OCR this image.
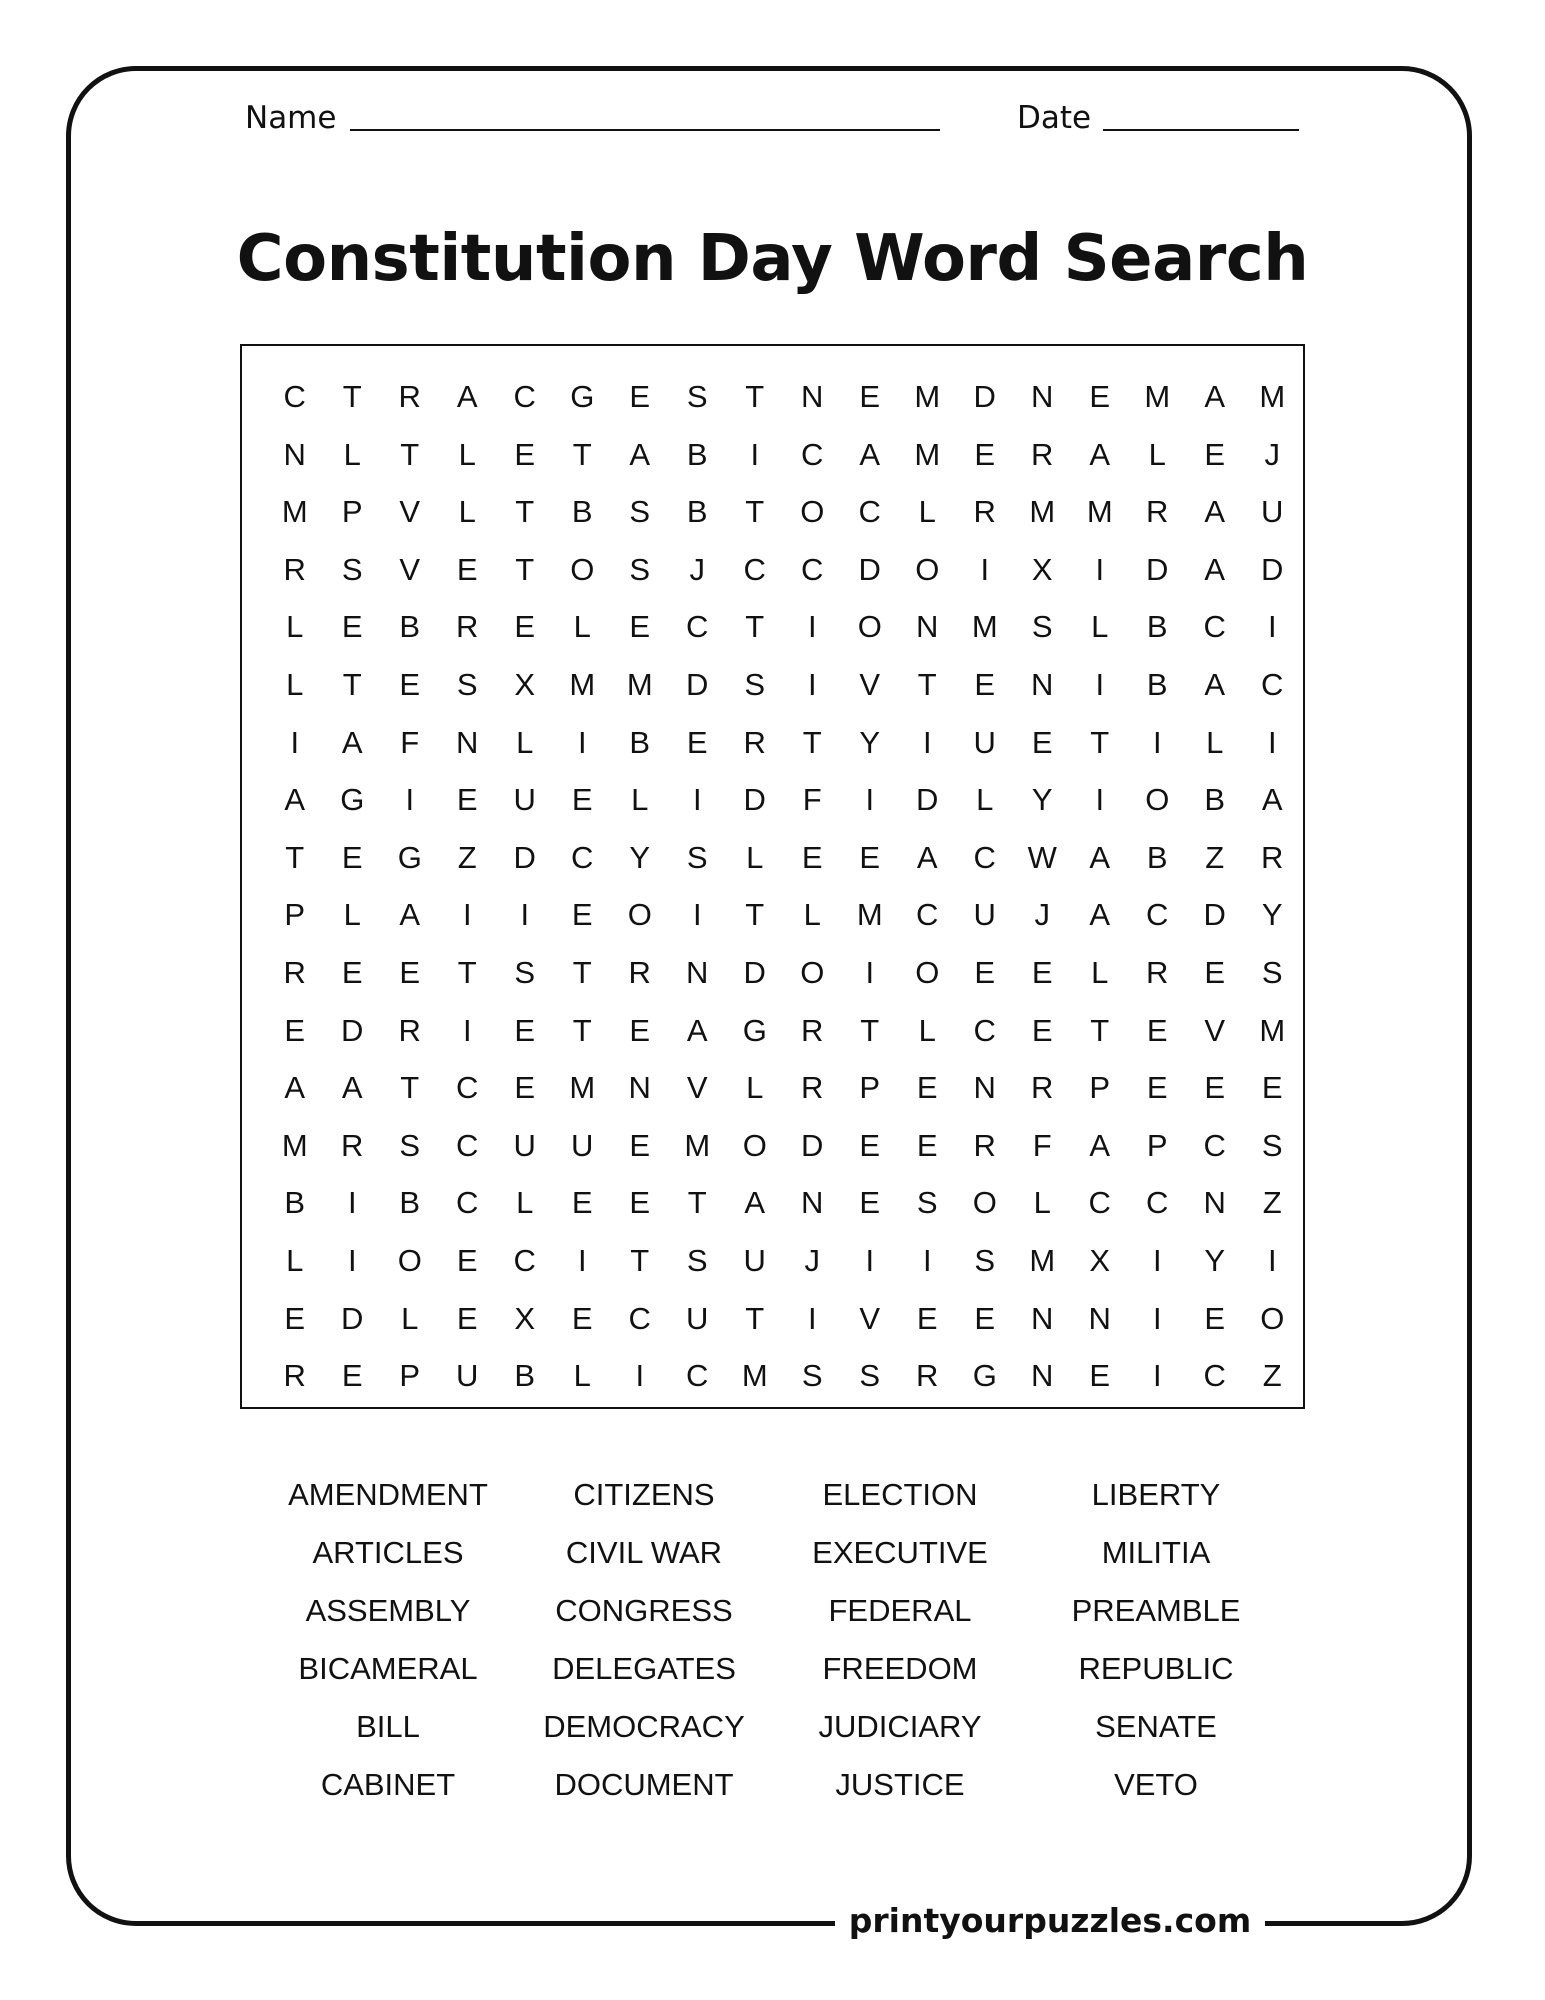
Name	Date
Constitution Day Word Search
C	T	R	A	C	G	E	S	T	N	E	M	D	N	E	M	A	M
N	L	T	L	E	T	A	B	I	C	A	M	E	R	A	L	E	J
M	P	V	L	T	B	S	B	T	O	C	L	R	M	M	R	A	U
R	S	V	E	T	O	S	J	C	C	D	O	I	X	I	D	A	D
L	E	B	R	E	L	E	C	T	I	O	N	M	S	L	B	C	I
L	T	E	S	X	M	M	D	S	I	V	T	E	N	I	B	A	C
I	A	F	N	L	I	B	E	R	T	Y	I	U	E	T	I	L	I
A	G	I	E	U	E	L	I	D	F	I	D	L	Y	I	O	B	A
T	E	G	Z	D	C	Y	S	L	E	E	A	C	W	A	B	Z	R
P	L	A	I	I	E	O	I	T	L	M	C	U	J	A	C	D	Y
R	E	E	T	S	T	R	N	D	O	I	O	E	E	L	R	E	S
E	D	R	I	E	T	E	A	G	R	T	L	C	E	T	E	V	M
A	A	T	C	E	M	N	V	L	R	P	E	N	R	P	E	E	E
M	R	S	C	U	U	E	M	O	D	E	E	R	F	A	P	C	S
B	I	B	C	L	E	E	T	A	N	E	S	O	L	C	C	N	Z
L	I	O	E	C	I	T	S	U	J	I	I	S	M	X	I	Y	I
E	D	L	E	X	E	C	U	T	I	V	E	E	N	N	I	E	O
R	E	P	U	B	L	I	C	M	S	S	R	G	N	E	I	C	Z
AMENDMENT	CITIZENS	ELECTION	LIBERTY
ARTICLES	CIVIL WAR	EXECUTIVE	MILITIA
ASSEMBLY	CONGRESS	FEDERAL	PREAMBLE
BICAMERAL	DELEGATES	FREEDOM	REPUBLIC
BILL	DEMOCRACY	JUDICIARY	SENATE
CABINET	DOCUMENT	JUSTICE	VETO
printyourpuzzles.com
